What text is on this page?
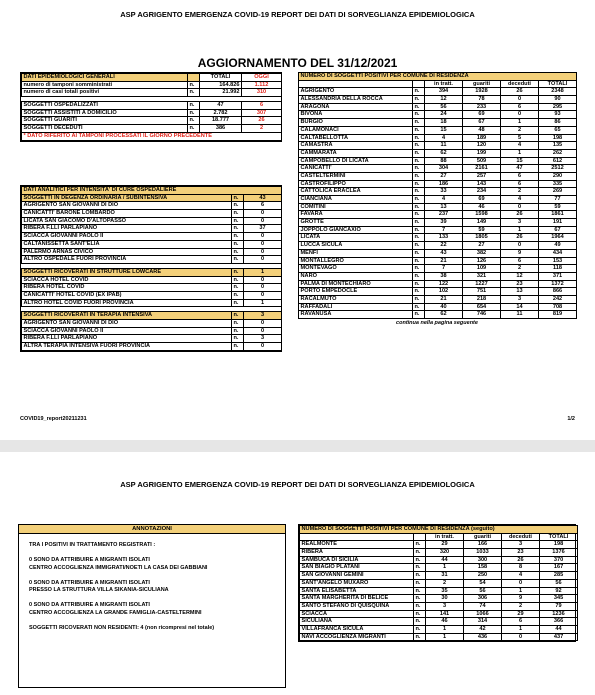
ASP AGRIGENTO EMERGENZA COVID-19 REPORT DEI DATI DI SORVEGLIANZA EPIDEMIOLOGICA
AGGIORNAMENTO DEL 31/12/2021
DATI EPIDEMIOLOGICI GENERALI		TOTALI	OGGI
numero di tamponi somministrati	n.	164.826	1.112
numero di casi totali positivi	n.	21.992	310

SOGGETTI OSPEDALIZZATI	n.	47	6
SOGGETTI ASSISTITI A DOMICILIO	n.	2.782	307
SOGGETTI GUARITI	n.	18.777	26
SOGGETTI DECEDUTI	n.	386	2
* DATO RIFERITO AI TAMPONI PROCESSATI IL GIORNO PRECEDENTE			
DATI ANALITICI PER INTENSITA' DI CURE OSPEDALIERE		
SOGGETTI IN DEGENZA ORDINARIA / SUBINTENSIVA	n.	43
AGRIGENTO SAN GIOVANNI DI DIO	n.	6
CANICATTI' BARONE LOMBARDO	n.	0
LICATA SAN GIACOMO D'ALTOPASSO	n.	0
RIBERA F.LLI PARLAPIANO	n.	37
SCIACCA GIOVANNI PAOLO II	n.	0
CALTANISSETTA SANT'ELIA	n.	0
PALERMO ARNAS CIVICO	n.	0
ALTRO OSPEDALE FUORI PROVINCIA	n.	0

SOGGETTI RICOVERATI IN STRUTTURE LOWCARE	n.	1
SCIACCA HOTEL COVID	n.	0
RIBERA HOTEL COVID	n.	0
CANICATTI' HOTEL COVID (EX IPAB)	n.	0
ALTRO HOTEL COVID FUORI PROVINCIA	n.	1

SOGGETTI RICOVERATI IN TERAPIA INTENSIVA	n.	3
AGRIGENTO SAN GIOVANNI DI DIO	n.	0
SCIACCA GIOVANNI PAOLO II	n.	0
RIBERA F.LLI PARLAPIANO	n.	3
ALTRA TERAPIA INTENSIVA FUORI PROVINCIA	n.	0
NUMERO DI SOGGETTI POSITIVI PER COMUNE DI RESIDENZA					
		in tratt.	guariti	deceduti	TOTALI
AGRIGENTO	n.	394	1928	26	2348
ALESSANDRIA DELLA ROCCA	n.	12	78	0	90
ARAGONA	n.	56	233	6	295
BIVONA	n.	24	69	0	93
BURGIO	n.	18	67	1	86
CALAMONACI	n.	15	48	2	65
CALTABELLOTTA	n.	4	189	5	198
CAMASTRA	n.	11	120	4	135
CAMMARATA	n.	62	199	1	262
CAMPOBELLO DI LICATA	n.	88	509	15	612
CANICATTI'	n.	304	2161	47	2512
CASTELTERMINI	n.	27	257	6	290
CASTROFILIPPO	n.	186	143	6	335
CATTOLICA ERACLEA	n.	33	234	2	269
CIANCIANA	n.	4	69	4	77
COMITINI	n.	13	46	0	59
FAVARA	n.	237	1598	26	1861
GROTTE	n.	39	149	3	191
JOPPOLO GIANCAXIO	n.	7	59	1	67
LICATA	n.	133	1805	26	1964
LUCCA SICULA	n.	22	27	0	49
MENFI	n.	43	382	9	434
MONTALLEGRO	n.	21	126	6	153
MONTEVAGO	n.	7	109	2	118
NARO	n.	38	321	12	371
PALMA DI MONTECHIARO	n.	122	1227	23	1372
PORTO EMPEDOCLE	n.	102	751	13	866
RACALMUTO	n.	21	218	3	242
RAFFADALI	n.	40	654	14	708
RAVANUSA	n.	62	746	11	819
continua nella pagina seguente
COVID19_report20211231	1/2
ASP AGRIGENTO EMERGENZA COVID-19 REPORT DEI DATI DI SORVEGLIANZA EPIDEMIOLOGICA
ANNOTAZIONI

TRA I POSITIVI IN TRATTAMENTO REGISTRATI :

0 SONO DA ATTRIBUIRE A MIGRANTI ISOLATI

CENTRO ACCOGLIENZA IMMIGRATI/NOETI LA CASA DEI GABBIANI

0 SONO DA ATTRIBUIRE A MIGRANTI ISOLATI

PRESSO LA STRUTTURA VILLA SIKANIA-SICULIANA

0 SONO DA ATTRIBUIRE A MIGRANTI ISOLATI

CENTRO ACCOGLIENZA LA GRANDE FAMIGLIA-CASTELTERMINI

SOGGETTI RICOVERATI NON RESIDENTI: 4 (non ricompresi nel totale)

NUMERO DI SOGGETTI POSITIVI PER COMUNE DI RESIDENZA (seguito)					
		in tratt.	guariti	deceduti	TOTALI
REALMONTE	n.	29	166	3	198
RIBERA	n.	320	1033	23	1376
SAMBUCA DI SICILIA	n.	44	300	26	370
SAN BIAGIO PLATANI	n.	1	158	8	167
SAN GIOVANNI GEMINI	n.	31	250	4	285
SANT'ANGELO MUXARO	n.	2	54	0	56
SANTA ELISABETTA	n.	35	56	1	92
SANTA MARGHERITA DI BELICE	n.	30	306	9	345
SANTO STEFANO DI QUISQUINA	n.	3	74	2	79
SCIACCA	n.	141	1066	29	1236
SICULIANA	n.	46	314	6	366
VILLAFRANCA SICULA	n.	1	42	1	44
NAVI ACCOGLIENZA MIGRANTI	n.	1	436	0	437
